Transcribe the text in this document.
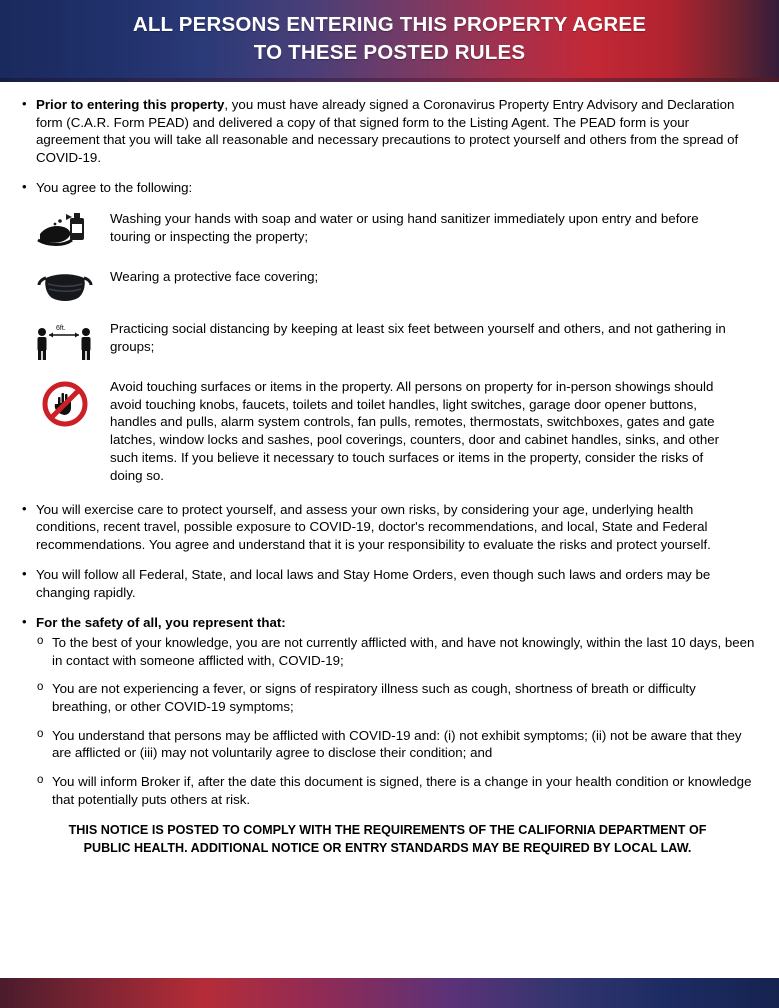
ALL PERSONS ENTERING THIS PROPERTY AGREE
TO THESE POSTED RULES
• Prior to entering this property, you must have already signed a Coronavirus Property Entry Advisory and Declaration form (C.A.R. Form PEAD) and delivered a copy of that signed form to the Listing Agent. The PEAD form is your agreement that you will take all reasonable and necessary precautions to protect yourself and others from the spread of COVID-19.
• You agree to the following:
Washing your hands with soap and water or using hand sanitizer immediately upon entry and before touring or inspecting the property;
Wearing a protective face covering;
6ft.	Practicing social distancing by keeping at least six feet between yourself and others, and not gathering in groups;
Avoid touching surfaces or items in the property. All persons on property for in-person showings should avoid touching knobs, faucets, toilets and toilet handles, light switches, garage door opener buttons, handles and pulls, alarm system controls, fan pulls, remotes, thermostats, switchboxes, gates and gate latches, window locks and sashes, pool coverings, counters, door and cabinet handles, sinks, and other such items. If you believe it necessary to touch surfaces or items in the property, consider the risks of doing so.
• You will exercise care to protect yourself, and assess your own risks, by considering your age, underlying health conditions, recent travel, possible exposure to COVID-19, doctor's recommendations, and local, State and Federal recommendations. You agree and understand that it is your responsibility to evaluate the risks and protect yourself.
• You will follow all Federal, State, and local laws and Stay Home Orders, even though such laws and orders may be changing rapidly.
• For the safety of all, you represent that:
o To the best of your knowledge, you are not currently afflicted with, and have not knowingly, within the last 10 days, been in contact with someone afflicted with, COVID-19;
o You are not experiencing a fever, or signs of respiratory illness such as cough, shortness of breath or difficulty breathing, or other COVID-19 symptoms;
o You understand that persons may be afflicted with COVID-19 and: (i) not exhibit symptoms; (ii) not be aware that they are afflicted or (iii) may not voluntarily agree to disclose their condition; and
o You will inform Broker if, after the date this document is signed, there is a change in your health condition or knowledge that potentially puts others at risk.
THIS NOTICE IS POSTED TO COMPLY WITH THE REQUIREMENTS OF THE CALIFORNIA DEPARTMENT OF
PUBLIC HEALTH. ADDITIONAL NOTICE OR ENTRY STANDARDS MAY BE REQUIRED BY LOCAL LAW.
